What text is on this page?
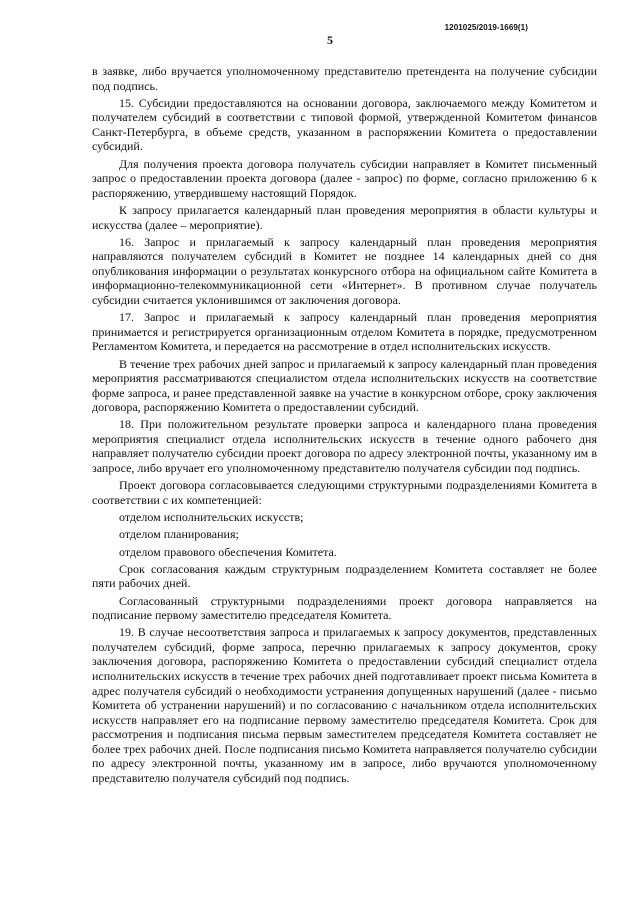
1201025/2019-1669(1)
5

в заявке, либо вручается уполномоченному представителю претендента на получение субсидии под подпись.

15. Субсидии предоставляются на основании договора, заключаемого между Комитетом и получателем субсидий в соответствии с типовой формой, утвержденной Комитетом финансов Санкт-Петербурга, в объеме средств, указанном в распоряжении Комитета о предоставлении субсидий.

Для получения проекта договора получатель субсидии направляет в Комитет письменный запрос о предоставлении проекта договора (далее - запрос) по форме, согласно приложению 6 к распоряжению, утвердившему настоящий Порядок.

К запросу прилагается календарный план проведения мероприятия в области культуры и искусства (далее – мероприятие).

16. Запрос и прилагаемый к запросу календарный план проведения мероприятия направляются получателем субсидий в Комитет не позднее 14 календарных дней со дня опубликования информации о результатах конкурсного отбора на официальном сайте Комитета в информационно-телекоммуникационной сети «Интернет». В противном случае получатель субсидии считается уклонившимся от заключения договора.

17. Запрос и прилагаемый к запросу календарный план проведения мероприятия принимается и регистрируется организационным отделом Комитета в порядке, предусмотренном Регламентом Комитета, и передается на рассмотрение в отдел исполнительских искусств.

В течение трех рабочих дней запрос и прилагаемый к запросу календарный план проведения мероприятия рассматриваются специалистом отдела исполнительских искусств на соответствие форме запроса, и ранее представленной заявке на участие в конкурсном отборе, сроку заключения договора, распоряжению Комитета о предоставлении субсидий.

18. При положительном результате проверки запроса и календарного плана проведения мероприятия специалист отдела исполнительских искусств в течение одного рабочего дня направляет получателю субсидии проект договора по адресу электронной почты, указанному им в запросе, либо вручает его уполномоченному представителю получателя субсидии под подпись.

Проект договора согласовывается следующими структурными подразделениями Комитета в соответствии с их компетенцией:

отделом исполнительских искусств;
отделом планирования;
отделом правового обеспечения Комитета.

Срок согласования каждым структурным подразделением Комитета составляет не более пяти рабочих дней.

Согласованный структурными подразделениями проект договора направляется на подписание первому заместителю председателя Комитета.

19. В случае несоответствия запроса и прилагаемых к запросу документов, представленных получателем субсидий, форме запроса, перечню прилагаемых к запросу документов, сроку заключения договора, распоряжению Комитета о предоставлении субсидий специалист отдела исполнительских искусств в течение трех рабочих дней подготавливает проект письма Комитета в адрес получателя субсидий о необходимости устранения допущенных нарушений (далее - письмо Комитета об устранении нарушений) и по согласованию с начальником отдела исполнительских искусств направляет его на подписание первому заместителю председателя Комитета. Срок для рассмотрения и подписания письма первым заместителем председателя Комитета составляет не более трех рабочих дней. После подписания письмо Комитета направляется получателю субсидии по адресу электронной почты, указанному им в запросе, либо вручаются уполномоченному представителю получателя субсидий под подпись.
